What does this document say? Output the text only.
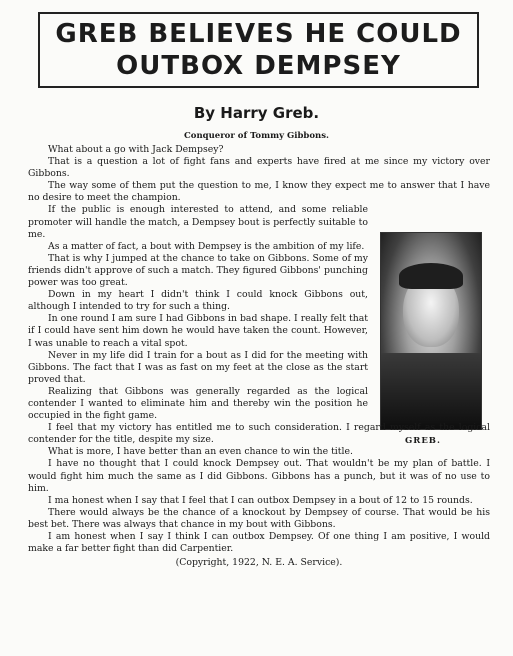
GREB BELIEVES HE COULD
OUTBOX DEMPSEY
By Harry Greb.
Conqueror of Tommy Gibbons.
GREB.

What about a go with Jack Dempsey?

That is a question a lot of fight fans and experts have fired at me since my victory over Gibbons.

The way some of them put the question to me, I know they expect me to answer that I have no desire to meet the champion.

If the public is enough interested to attend, and some reliable promoter will handle the match, a Dempsey bout is perfectly suitable to me.

As a matter of fact, a bout with Dempsey is the ambition of my life.

That is why I jumped at the chance to take on Gibbons. Some of my friends didn't approve of such a match. They figured Gibbons' punching power was too great.

Down in my heart I didn't think I could knock Gibbons out, although I intended to try for such a thing.

In one round I am sure I had Gibbons in bad shape. I really felt that if I could have sent him down he would have taken the count. However, I was unable to reach a vital spot.

Never in my life did I train for a bout as I did for the meeting with Gibbons. The fact that I was as fast on my feet at the close as the start proved that.

Realizing that Gibbons was generally regarded as the logical contender I wanted to eliminate him and thereby win the position he occupied in the fight game.

I feel that my victory has entitled me to such consideration. I regard myself as the logical contender for the title, despite my size.

What is more, I have better than an even chance to win the title.

I have no thought that I could knock Dempsey out. That wouldn't be my plan of battle. I would fight him much the same as I did Gibbons. Gibbons has a punch, but it was of no use to him.

I ma honest when I say that I feel that I can outbox Dempsey in a bout of 12 to 15 rounds.

There would always be the chance of a knockout by Dempsey of course. That would be his best bet. There was always that chance in my bout with Gibbons.

I am honest when I say I think I can outbox Dempsey. Of one thing I am positive, I would make a far better fight than did Carpentier.

(Copyright, 1922, N. E. A. Service).
